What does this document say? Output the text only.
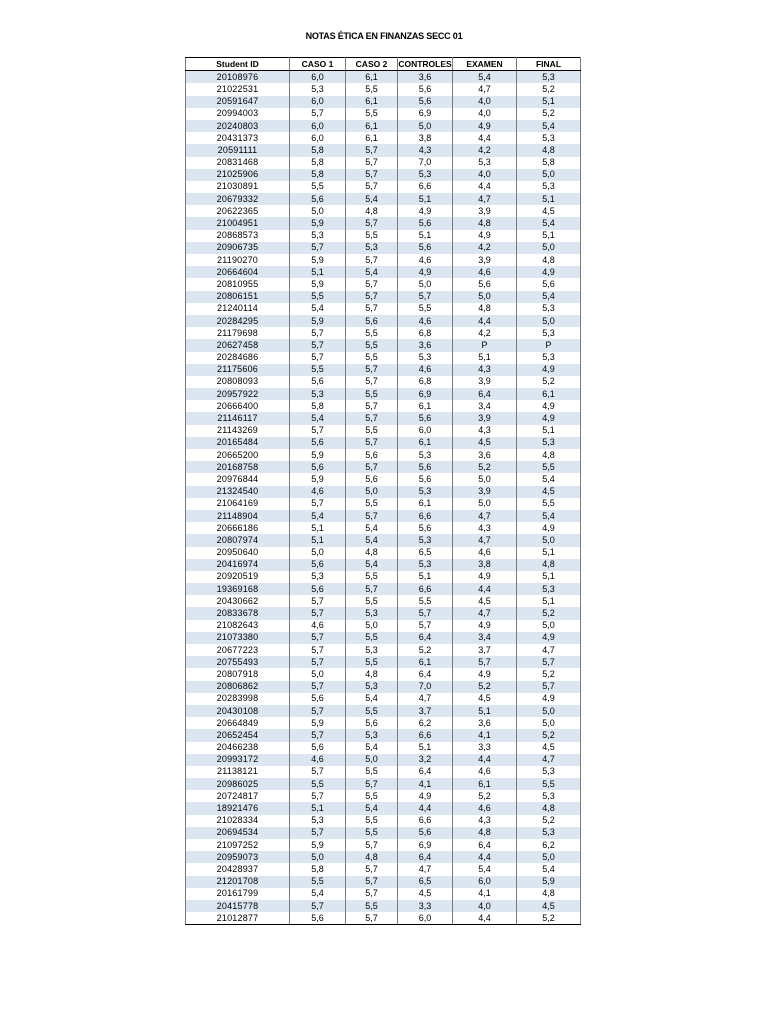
NOTAS ÉTICA EN FINANZAS SECC 01
Student ID	CASO 1	CASO 2	CONTROLES	EXAMEN	FINAL
20108976	6,0	6,1	3,6	5,4	5,3
21022531	5,3	5,5	5,6	4,7	5,2
20591647	6,0	6,1	5,6	4,0	5,1
20994003	5,7	5,5	6,9	4,0	5,2
20240803	6,0	6,1	5,0	4,9	5,4
20431373	6,0	6,1	3,8	4,4	5,3
20591111	5,8	5,7	4,3	4,2	4,8
20831468	5,8	5,7	7,0	5,3	5,8
21025906	5,8	5,7	5,3	4,0	5,0
21030891	5,5	5,7	6,6	4,4	5,3
20679332	5,6	5,4	5,1	4,7	5,1
20622365	5,0	4,8	4,9	3,9	4,5
21004951	5,9	5,7	5,6	4,8	5,4
20868573	5,3	5,5	5,1	4,9	5,1
20906735	5,7	5,3	5,6	4,2	5,0
21190270	5,9	5,7	4,6	3,9	4,8
20664604	5,1	5,4	4,9	4,6	4,9
20810955	5,9	5,7	5,0	5,6	5,6
20806151	5,5	5,7	5,7	5,0	5,4
21240114	5,4	5,7	5,5	4,8	5,3
20284295	5,9	5,6	4,6	4,4	5,0
21179698	5,7	5,5	6,8	4,2	5,3
20627458	5,7	5,5	3,6	P	P
20284686	5,7	5,5	5,3	5,1	5,3
21175606	5,5	5,7	4,6	4,3	4,9
20808093	5,6	5,7	6,8	3,9	5,2
20957922	5,3	5,5	6,9	6,4	6,1
20666400	5,8	5,7	6,1	3,4	4,9
21146117	5,4	5,7	5,6	3,9	4,9
21143269	5,7	5,5	6,0	4,3	5,1
20165484	5,6	5,7	6,1	4,5	5,3
20665200	5,9	5,6	5,3	3,6	4,8
20168758	5,6	5,7	5,6	5,2	5,5
20976844	5,9	5,6	5,6	5,0	5,4
21324540	4,6	5,0	5,3	3,9	4,5
21064169	5,7	5,5	6,1	5,0	5,5
21148904	5,4	5,7	6,6	4,7	5,4
20666186	5,1	5,4	5,6	4,3	4,9
20807974	5,1	5,4	5,3	4,7	5,0
20950640	5,0	4,8	6,5	4,6	5,1
20416974	5,6	5,4	5,3	3,8	4,8
20920519	5,3	5,5	5,1	4,9	5,1
19369168	5,6	5,7	6,6	4,4	5,3
20430662	5,7	5,5	5,5	4,5	5,1
20833678	5,7	5,3	5,7	4,7	5,2
21082643	4,6	5,0	5,7	4,9	5,0
21073380	5,7	5,5	6,4	3,4	4,9
20677223	5,7	5,3	5,2	3,7	4,7
20755493	5,7	5,5	6,1	5,7	5,7
20807918	5,0	4,8	6,4	4,9	5,2
20806862	5,7	5,3	7,0	5,2	5,7
20283998	5,6	5,4	4,7	4,5	4,9
20430108	5,7	5,5	3,7	5,1	5,0
20664849	5,9	5,6	6,2	3,6	5,0
20652454	5,7	5,3	6,6	4,1	5,2
20466238	5,6	5,4	5,1	3,3	4,5
20993172	4,6	5,0	3,2	4,4	4,7
21138121	5,7	5,5	6,4	4,6	5,3
20986025	5,5	5,7	4,1	6,1	5,5
20724817	5,7	5,5	4,9	5,2	5,3
18921476	5,1	5,4	4,4	4,6	4,8
21028334	5,3	5,5	6,6	4,3	5,2
20694534	5,7	5,5	5,6	4,8	5,3
21097252	5,9	5,7	6,9	6,4	6,2
20959073	5,0	4,8	6,4	4,4	5,0
20428937	5,8	5,7	4,7	5,4	5,4
21201708	5,5	5,7	6,5	6,0	5,9
20161799	5,4	5,7	4,5	4,1	4,8
20415778	5,7	5,5	3,3	4,0	4,5
21012877	5,6	5,7	6,0	4,4	5,2
